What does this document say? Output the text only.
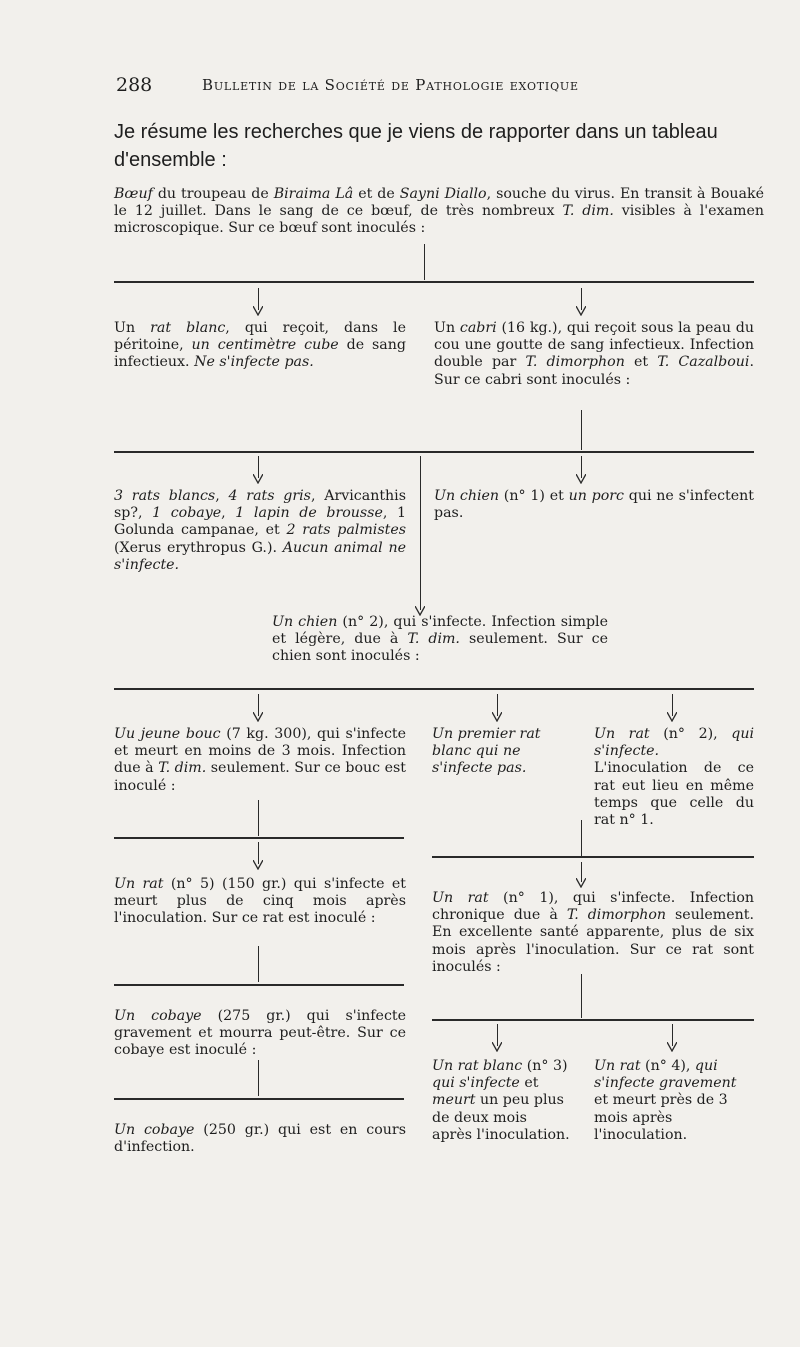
288	Bulletin de la Société de Pathologie exotique
Je résume les recherches que je viens de rapporter dans un tableau d'ensemble :
Bœuf du troupeau de Biraima Lâ et de Sayni Diallo, souche du virus. En transit à Bouaké le 12 juillet. Dans le sang de ce bœuf, de très nombreux T. dim. visibles à l'examen microscopique. Sur ce bœuf sont inoculés :
Un rat blanc, qui reçoit, dans le péritoine, un centimètre cube de sang infectieux. Ne s'infecte pas.
Un cabri (16 kg.), qui reçoit sous la peau du cou une goutte de sang infectieux. Infection double par T. dimorphon et T. Cazalboui. Sur ce cabri sont inoculés :
3 rats blancs, 4 rats gris, Arvicanthis sp?, 1 cobaye, 1 lapin de brousse, 1 Golunda campanae, et 2 rats palmistes (Xerus erythropus G.). Aucun animal ne s'infecte.
Un chien (n° 1) et un porc qui ne s'infectent pas.
Un chien (n° 2), qui s'infecte. Infection simple et légère, due à T. dim. seulement. Sur ce chien sont inoculés :
Uu jeune bouc (7 kg. 300), qui s'infecte et meurt en moins de 3 mois. Infection due à T. dim. seulement. Sur ce bouc est inoculé :
Un premier rat blanc qui ne s'infecte pas.
Un rat (n° 2), qui s'infecte. L'inoculation de ce rat eut lieu en même temps que celle du rat n° 1.
Un rat (n° 5) (150 gr.) qui s'infecte et meurt plus de cinq mois après l'inoculation. Sur ce rat est inoculé :
Un rat (n° 1), qui s'infecte. Infection chronique due à T. dimorphon seulement. En excellente santé apparente, plus de six mois après l'inoculation. Sur ce rat sont inoculés :
Un cobaye (275 gr.) qui s'infecte gravement et mourra peut-être. Sur ce cobaye est inoculé :
Un rat blanc (n° 3) qui s'infecte et meurt un peu plus de deux mois après l'inoculation.
Un rat (n° 4), qui s'infecte gravement et meurt près de 3 mois après l'inoculation.
Un cobaye (250 gr.) qui est en cours d'infection.
